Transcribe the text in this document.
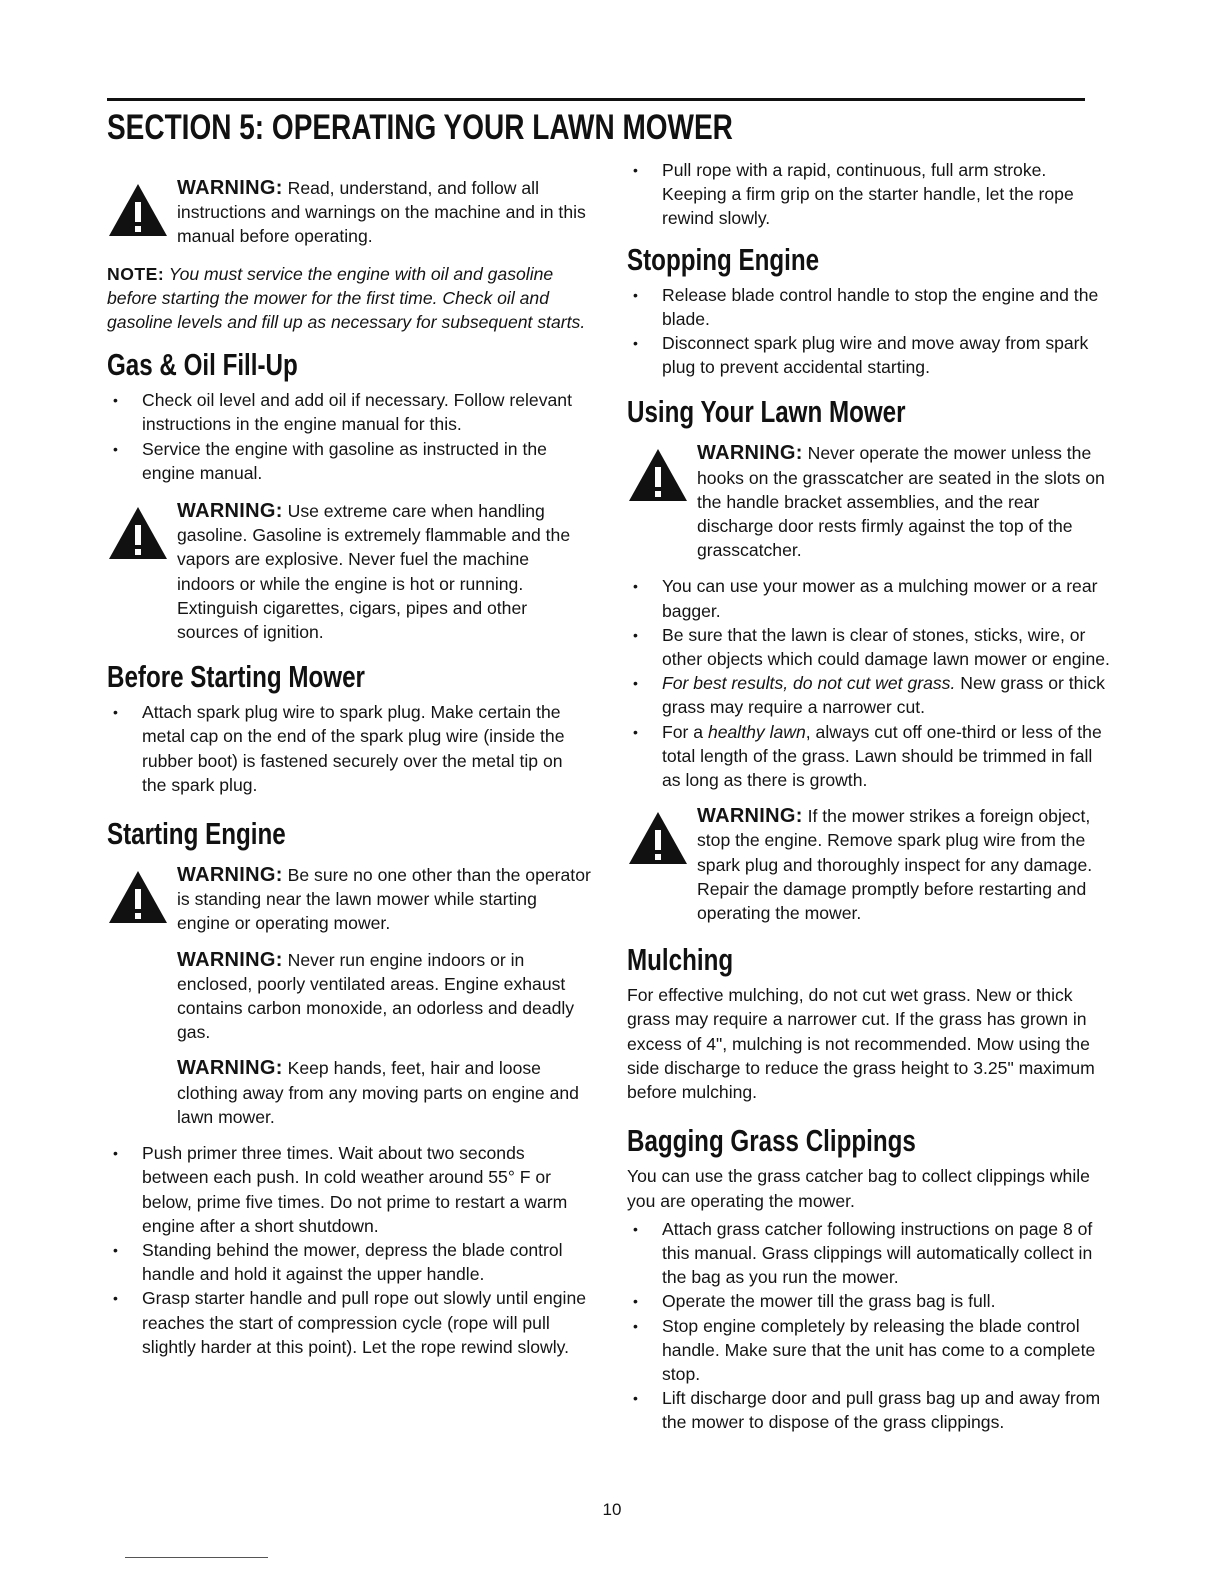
SECTION 5: OPERATING YOUR LAWN MOWER
WARNING: Read, understand, and follow all instructions and warnings on the machine and in this manual before operating.

NOTE: You must service the engine with oil and gasoline before starting the mower for the first time. Check oil and gasoline levels and fill up as necessary for subsequent starts.

Gas & Oil Fill-Up
• Check oil level and add oil if necessary. Follow relevant instructions in the engine manual for this.
• Service the engine with gasoline as instructed in the engine manual.
WARNING: Use extreme care when handling gasoline. Gasoline is extremely flammable and the vapors are explosive. Never fuel the machine indoors or while the engine is hot or running. Extinguish cigarettes, cigars, pipes and other sources of ignition.
Before Starting Mower
• Attach spark plug wire to spark plug. Make certain the metal cap on the end of the spark plug wire (inside the rubber boot) is fastened securely over the metal tip on the spark plug.
Starting Engine
WARNING: Be sure no one other than the operator is standing near the lawn mower while starting engine or operating mower.
WARNING: Never run engine indoors or in enclosed, poorly ventilated areas. Engine exhaust contains carbon monoxide, an odorless and deadly gas.
WARNING: Keep hands, feet, hair and loose clothing away from any moving parts on engine and lawn mower.
• Push primer three times. Wait about two seconds between each push. In cold weather around 55° F or below, prime five times. Do not prime to restart a warm engine after a short shutdown.
• Standing behind the mower, depress the blade control handle and hold it against the upper handle.
• Grasp starter handle and pull rope out slowly until engine reaches the start of compression cycle (rope will pull slightly harder at this point). Let the rope rewind slowly.
• Pull rope with a rapid, continuous, full arm stroke. Keeping a firm grip on the starter handle, let the rope rewind slowly.
Stopping Engine
• Release blade control handle to stop the engine and the blade.
• Disconnect spark plug wire and move away from spark plug to prevent accidental starting.
Using Your Lawn Mower
WARNING: Never operate the mower unless the hooks on the grasscatcher are seated in the slots on the handle bracket assemblies, and the rear discharge door rests firmly against the top of the grasscatcher.
• You can use your mower as a mulching mower or a rear bagger.
• Be sure that the lawn is clear of stones, sticks, wire, or other objects which could damage lawn mower or engine.
• For best results, do not cut wet grass. New grass or thick grass may require a narrower cut.
• For a healthy lawn, always cut off one-third or less of the total length of the grass. Lawn should be trimmed in fall as long as there is growth.
WARNING: If the mower strikes a foreign object, stop the engine. Remove spark plug wire from the spark plug and thoroughly inspect for any damage. Repair the damage promptly before restarting and operating the mower.
Mulching

For effective mulching, do not cut wet grass. New or thick grass may require a narrower cut. If the grass has grown in excess of 4", mulching is not recommended. Mow using the side discharge to reduce the grass height to 3.25" maximum before mulching.

Bagging Grass Clippings

You can use the grass catcher bag to collect clippings while you are operating the mower.

• Attach grass catcher following instructions on page 8 of this manual. Grass clippings will automatically collect in the bag as you run the mower.
• Operate the mower till the grass bag is full.
• Stop engine completely by releasing the blade control handle. Make sure that the unit has come to a complete stop.
• Lift discharge door and pull grass bag up and away from the mower to dispose of the grass clippings.
10
